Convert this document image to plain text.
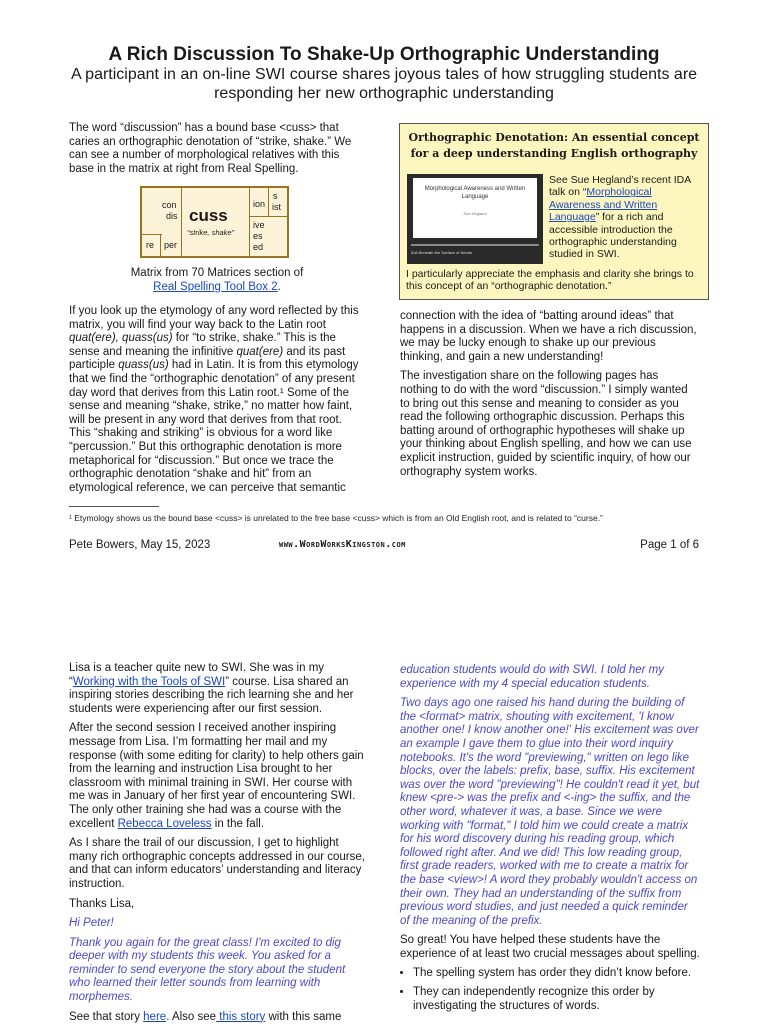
A Rich Discussion To Shake-Up Orthographic Understanding

A participant in an on-line SWI course shares joyous tales of how struggling students are responding her new orthographic understanding

The word “discussion” has a bound base <cuss> that caries an orthographic denotation of “strike, shake.” We can see a number of morphological relatives with this base in the matrix at right from Real Spelling.

con
dis
re per
cuss
“strike, shake”
ion
s
ist
ive
es
ed
Matrix from 70 Matrices section of
Real Spelling Tool Box 2.

If you look up the etymology of any word reflected by this matrix, you will find your way back to the Latin root quat(ere), quass(us) for “to strike, shake.” This is the sense and meaning the infinitive quat(ere) and its past participle quass(us) had in Latin. It is from this etymology that we find the “orthographic denotation” of any present day word that derives from this Latin root.¹ Some of the sense and meaning “shake, strike,” no matter how faint, will be present in any word that derives from that root. This “shaking and striking” is obvious for a word like “percussion.” But this orthographic denotation is more metaphorical for “discussion.” But once we trace the orthographic denotation “shake and hit” from an etymological reference, we can perceive that semantic

Orthographic Denotation: An essential concept for a deep understanding English orthography
Morphological Awareness and Written Language
Sue Hegland
IDA Beneath the Surface of Words
See Sue Hegland’s recent IDA talk on “Morphological Awareness and Written Language” for a rich and accessible introduction the orthographic understanding studied in SWI.
I particularly appreciate the emphasis and clarity she brings to this concept of an “orthographic denotation.”

connection with the idea of “batting around ideas” that happens in a discussion. When we have a rich discussion, we may be lucky enough to shake up our previous thinking, and gain a new understanding!

The investigation share on the following pages has nothing to do with the word “discussion.” I simply wanted to bring out this sense and meaning to consider as you read the following orthographic discussion. Perhaps this batting around of orthographic hypotheses will shake up your thinking about English spelling, and how we can use explicit instruction, guided by scientific inquiry, of how our orthography system works.

¹ Etymology shows us the bound base <cuss> is unrelated to the free base <cuss> which is from an Old English root, and is related to “curse.”
Pete Bowers, May 15, 2023	www.WordWorksKingston.com	Page 1 of 6

Lisa is a teacher quite new to SWI. She was in my “Working with the Tools of SWI” course. Lisa shared an inspiring stories describing the rich learning she and her students were experiencing after our first session.

After the second session I received another inspiring message from Lisa. I’m formatting her mail and my response (with some editing for clarity) to help others gain from the learning and instruction Lisa brought to her classroom with minimal training in SWI. Her course with me was in January of her first year of encountering SWI. The only other training she had was a course with the excellent Rebecca Loveless in the fall.

As I share the trail of our discussion, I get to highlight many rich orthographic concepts addressed in our course, and that can inform educators’ understanding and literacy instruction.

Thanks Lisa,

Hi Peter!

Thank you again for the great class! I'm excited to dig deeper with my students this week. You asked for a reminder to send everyone the story about the student who learned their letter sounds from learning with morphemes.

See that story here. Also see this story with this same

education students would do with SWI. I told her my experience with my 4 special education students.

Two days ago one raised his hand during the building of the <format> matrix, shouting with excitement, 'I know another one! I know another one!' His excitement was over an example I gave them to glue into their word inquiry notebooks. It's the word "previewing," written on lego like blocks, over the labels: prefix, base, suffix. His excitement was over the word "previewing"! He couldn't read it yet, but knew <pre-> was the prefix and <-ing> the suffix, and the other word, whatever it was, a base. Since we were working with "format," I told him we could create a matrix for his word discovery during his reading group, which followed right after. And we did! This low reading group, first grade readers, worked with me to create a matrix for the base <view>! A word they probably wouldn't access on their own. They had an understanding of the suffix from previous word studies, and just needed a quick reminder of the meaning of the prefix.

So great! You have helped these students have the experience of at least two crucial messages about spelling.

• The spelling system has order they didn’t know before.
• They can independently recognize this order by investigating the structures of words.
